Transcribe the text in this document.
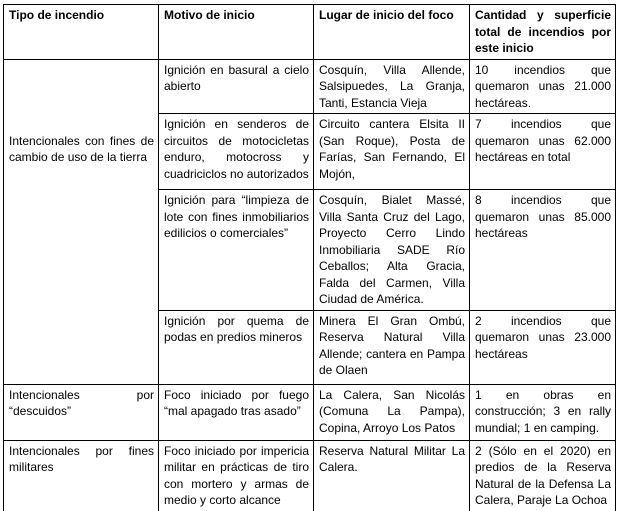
Tipo de incendio	Motivo de inicio	Lugar de inicio del foco	Cantidad y superficie total de incendios por este inicio
Intencionales con fines de cambio de uso de la tierra	Ignición en basural a cielo abierto	Cosquín, Villa Allende, Salsipuedes, La Granja, Tanti, Estancia Vieja	10 incendios que quemaron unas 21.000 hectáreas.
	Ignición en senderos de circuitos de motocicletas enduro, motocross y cuadriciclos no autorizados	Circuito cantera Elsita II (San Roque), Posta de Farías, San Fernando, El Mojón,	7 incendios que quemaron unas 62.000 hectáreas en total
	Ignición para “limpieza de lote con fines inmobiliarios edilicios o comerciales”	Cosquín, Bialet Massé, Villa Santa Cruz del Lago, Proyecto Cerro Lindo Inmobiliaria SADE Río Ceballos; Alta Gracia, Falda del Carmen, Villa Ciudad de América.	8 incendios que quemaron unas 85.000 hectáreas
	Ignición por quema de podas en predios mineros	Minera El Gran Ombú, Reserva Natural Villa Allende; cantera en Pampa de Olaen	2 incendios que quemaron unas 23.000 hectáreas
Intencionales por “descuidos”	Foco iniciado por fuego “mal apagado tras asado”	La Calera, San Nicolás (Comuna La Pampa), Copina, Arroyo Los Patos	1 en obras en construcción; 3 en rally mundial; 1 en camping.
Intencionales por fines militares	Foco iniciado por impericia militar en prácticas de tiro con mortero y armas de medio y corto alcance	Reserva Natural Militar La Calera.	2 (Sólo en el 2020) en predios de la Reserva Natural de la Defensa La Calera, Paraje La Ochoa
